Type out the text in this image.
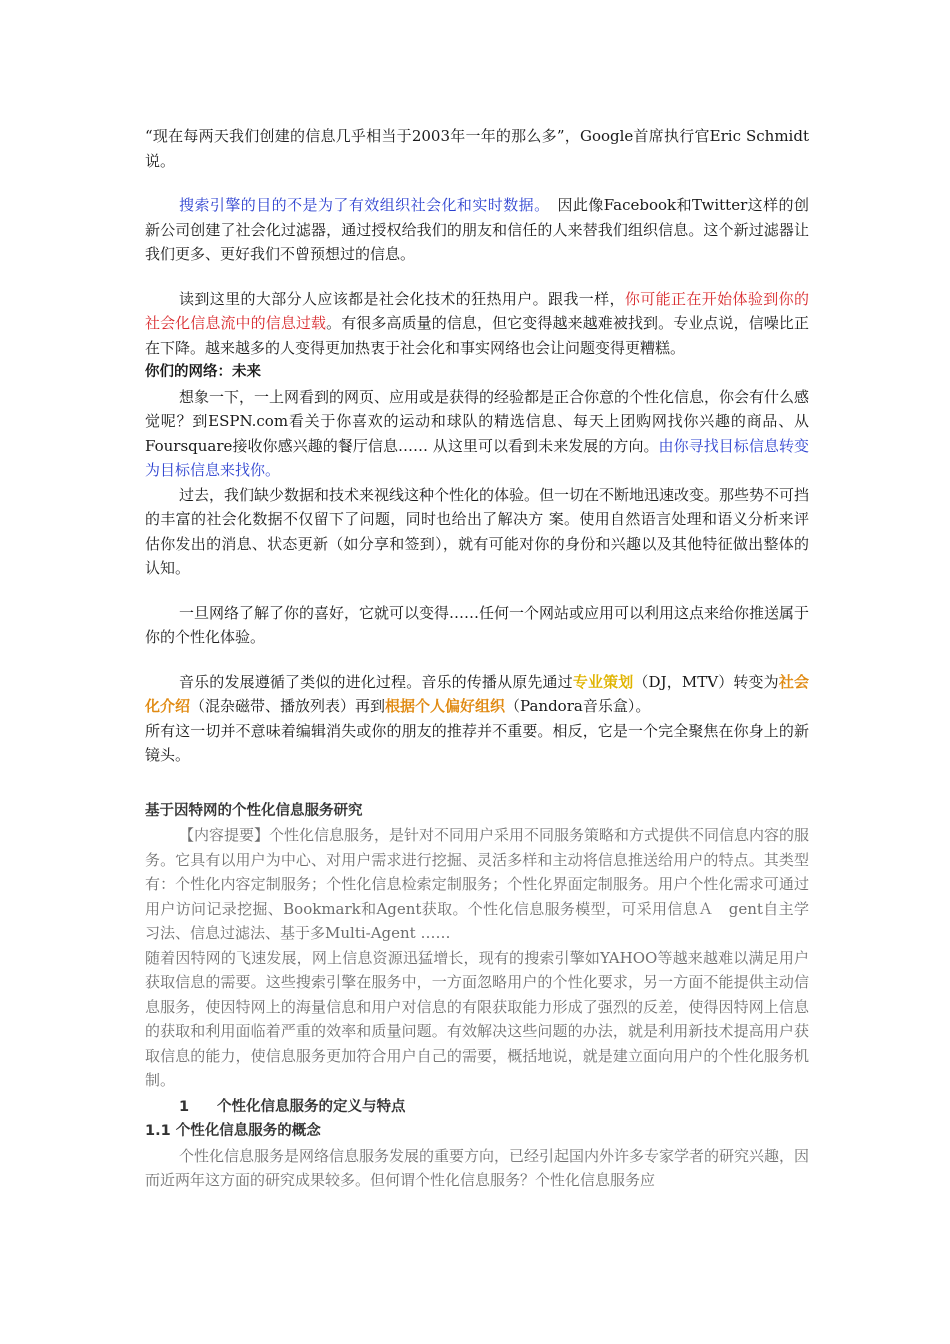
“现在每两天我们创建的信息几乎相当于2003年一年的那么多”，Google首席执行官Eric Schmidt说。

搜索引擎的目的不是为了有效组织社会化和实时数据。　因此像Facebook和Twitter这样的创新公司创建了社会化过滤器，通过授权给我们的朋友和信任的人来替我们组织信息。这个新过滤器让我们更多、更好我们不曾预想过的信息。

读到这里的大部分人应该都是社会化技术的狂热用户。跟我一样，你可能正在开始体验到你的社会化信息流中的信息过载。有很多高质量的信息，但它变得越来越难被找到。专业点说，信噪比正在下降。越来越多的人变得更加热衷于社会化和事实网络也会让问题变得更糟糕。

你们的网络：未来

想象一下，一上网看到的网页、应用或是获得的经验都是正合你意的个性化信息，你会有什么感觉呢？到ESPN.com看关于你喜欢的运动和球队的精选信息、每天上团购网找你兴趣的商品、从Foursquare接收你感兴趣的餐厅信息…… 从这里可以看到未来发展的方向。由你寻找目标信息转变为目标信息来找你。

过去，我们缺少数据和技术来视线这种个性化的体验。但一切在不断地迅速改变。那些势不可挡的丰富的社会化数据不仅留下了问题，同时也给出了解决方 案。使用自然语言处理和语义分析来评估你发出的消息、状态更新（如分享和签到），就有可能对你的身份和兴趣以及其他特征做出整体的认知。

一旦网络了解了你的喜好，它就可以变得……任何一个网站或应用可以利用这点来给你推送属于你的个性化体验。

音乐的发展遵循了类似的进化过程。音乐的传播从原先通过专业策划（DJ，MTV）转变为社会化介绍（混杂磁带、播放列表）再到根据个人偏好组织（Pandora音乐盒）。

所有这一切并不意味着编辑消失或你的朋友的推荐并不重要。相反，它是一个完全聚焦在你身上的新镜头。

基于因特网的个性化信息服务研究

【内容提要】个性化信息服务，是针对不同用户采用不同服务策略和方式提供不同信息内容的服务。它具有以用户为中心、对用户需求进行挖掘、灵活多样和主动将信息推送给用户的特点。其类型有：个性化内容定制服务；个性化信息检索定制服务；个性化界面定制服务。用户个性化需求可通过用户访问记录挖掘、Bookmark和Agent获取。个性化信息服务模型，可采用信息Ａ　gent自主学习法、信息过滤法、基于多Multi-Agent ……

随着因特网的飞速发展，网上信息资源迅猛增长，现有的搜索引擎如YAHOO等越来越难以满足用户获取信息的需要。这些搜索引擎在服务中，一方面忽略用户的个性化要求，另一方面不能提供主动信息服务，使因特网上的海量信息和用户对信息的有限获取能力形成了强烈的反差，使得因特网上信息的获取和利用面临着严重的效率和质量问题。有效解决这些问题的办法，就是利用新技术提高用户获取信息的能力，使信息服务更加符合用户自己的需要，概括地说，就是建立面向用户的个性化服务机制。

1 个性化信息服务的定义与特点

1.1 个性化信息服务的概念

个性化信息服务是网络信息服务发展的重要方向，已经引起国内外许多专家学者的研究兴趣，因而近两年这方面的研究成果较多。但何谓个性化信息服务？个性化信息服务应
